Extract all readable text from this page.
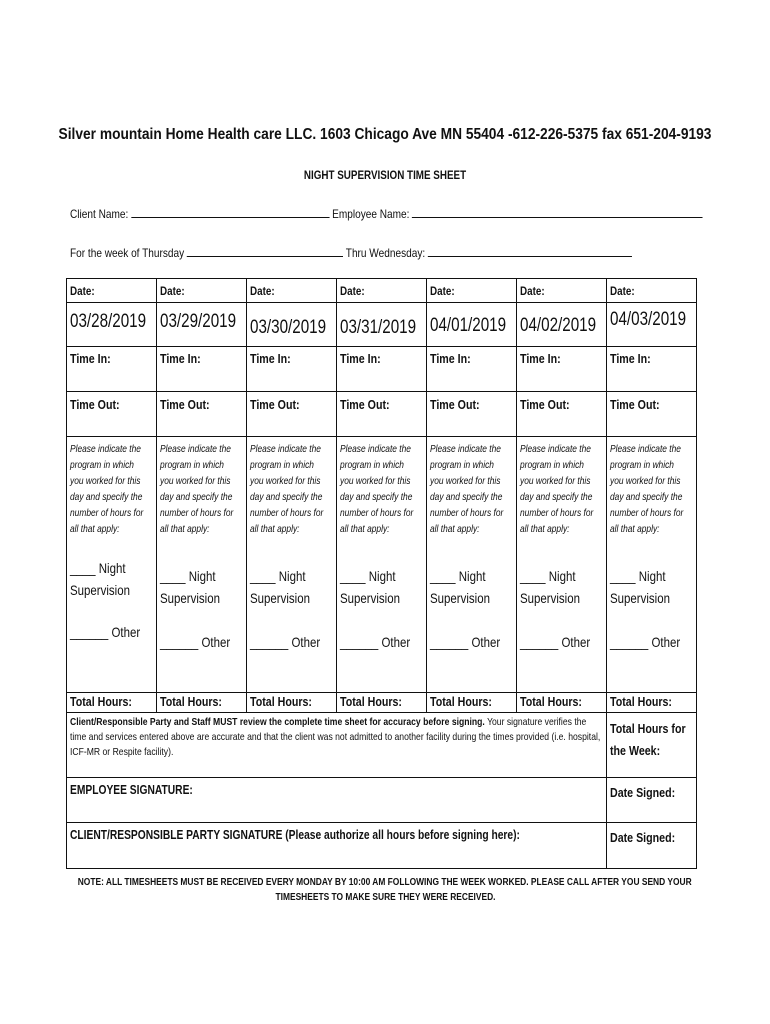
Silver mountain Home Health care LLC. 1603 Chicago Ave MN 55404 -612-226-5375 fax 651-204-9193
NIGHT SUPERVISION TIME SHEET
Client Name:	Employee Name:
For the week of Thursday	Thru Wednesday:
Date:	Date:	Date:	Date:	Date:	Date:	Date:
03/28/2019	03/29/2019	03/30/2019	03/31/2019	04/01/2019	04/02/2019	04/03/2019
Time In:	Time In:	Time In:	Time In:	Time In:	Time In:	Time In:
Time Out:	Time Out:	Time Out:	Time Out:	Time Out:	Time Out:	Time Out:

Please indicate the program in which you worked for this day and specify the number of hours for all that apply:
____ Night
Supervision
______ Other	Please indicate the program in which you worked for this day and specify the number of hours for all that apply:
____ Night
Supervision
______ Other	Please indicate the program in which you worked for this day and specify the number of hours for all that apply:
____ Night
Supervision
______ Other	Please indicate the program in which you worked for this day and specify the number of hours for all that apply:
____ Night
Supervision
______ Other	Please indicate the program in which you worked for this day and specify the number of hours for all that apply:
____ Night
Supervision
______ Other	Please indicate the program in which you worked for this day and specify the number of hours for all that apply:
____ Night
Supervision
______ Other	Please indicate the program in which you worked for this day and specify the number of hours for all that apply:
____ Night
Supervision
______ Other

Total Hours:	Total Hours:	Total Hours:	Total Hours:	Total Hours:	Total Hours:	Total Hours:

Client/Responsible Party and Staff MUST review the complete time sheet for accuracy before signing. Your signature verifies the time and services entered above are accurate and that the client was not admitted to another facility during the times provided (i.e. hospital, ICF-MR or Respite facility).						Total Hours for
the Week:

EMPLOYEE SIGNATURE:						Date Signed:
CLIENT/RESPONSIBLE PARTY SIGNATURE (Please authorize all hours before signing here):						Date Signed:
NOTE: ALL TIMESHEETS MUST BE RECEIVED EVERY MONDAY BY 10:00 AM FOLLOWING THE WEEK WORKED. PLEASE CALL AFTER YOU SEND YOUR
TIMESHEETS TO MAKE SURE THEY WERE RECEIVED.
